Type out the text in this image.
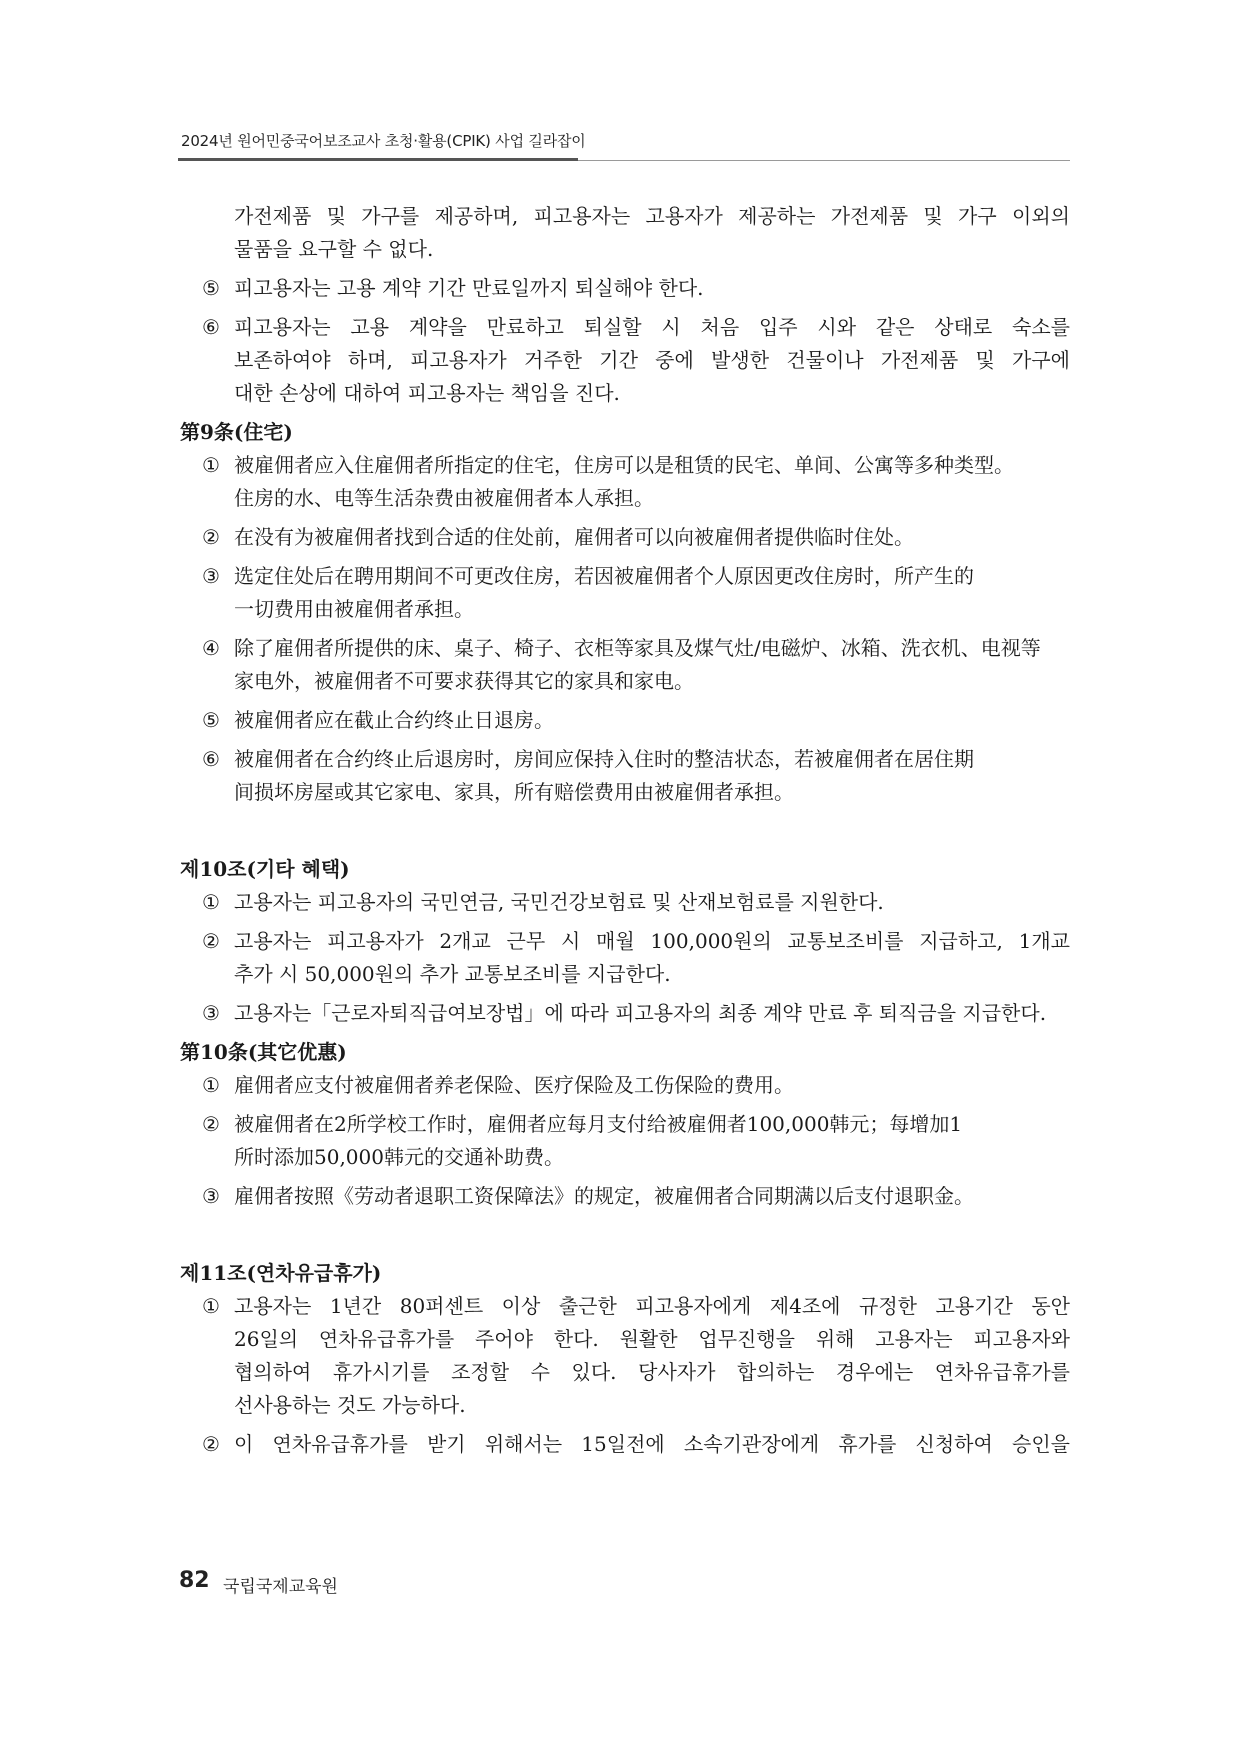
2024년 원어민중국어보조교사 초청·활용(CPIK) 사업 길라잡이
가전제품 및 가구를 제공하며, 피고용자는 고용자가 제공하는 가전제품 및 가구 이외의
물품을 요구할 수 없다.
⑤ 피고용자는 고용 계약 기간 만료일까지 퇴실해야 한다.
⑥ 피고용자는 고용 계약을 만료하고 퇴실할 시 처음 입주 시와 같은 상태로 숙소를
보존하여야 하며, 피고용자가 거주한 기간 중에 발생한 건물이나 가전제품 및 가구에
대한 손상에 대하여 피고용자는 책임을 진다.

第9条(住宅)

① 被雇佣者应入住雇佣者所指定的住宅，住房可以是租赁的民宅、单间、公寓等多种类型。
住房的水、电等生活杂费由被雇佣者本人承担。
② 在没有为被雇佣者找到合适的住处前，雇佣者可以向被雇佣者提供临时住处。
③ 选定住处后在聘用期间不可更改住房，若因被雇佣者个人原因更改住房时，所产生的
一切费用由被雇佣者承担。
④ 除了雇佣者所提供的床、桌子、椅子、衣柜等家具及煤气灶/电磁炉、冰箱、洗衣机、电视等
家电外，被雇佣者不可要求获得其它的家具和家电。
⑤ 被雇佣者应在截止合约终止日退房。
⑥ 被雇佣者在合约终止后退房时，房间应保持入住时的整洁状态，若被雇佣者在居住期
间损坏房屋或其它家电、家具，所有赔偿费用由被雇佣者承担。

제10조(기타 혜택)

① 고용자는 피고용자의 국민연금, 국민건강보험료 및 산재보험료를 지원한다.
② 고용자는 피고용자가 2개교 근무 시 매월 100,000원의 교통보조비를 지급하고, 1개교
추가 시 50,000원의 추가 교통보조비를 지급한다.
③ 고용자는「근로자퇴직급여보장법」에 따라 피고용자의 최종 계약 만료 후 퇴직금을 지급한다.

第10条(其它优惠)

① 雇佣者应支付被雇佣者养老保险、医疗保险及工伤保险的费用。
② 被雇佣者在2所学校工作时，雇佣者应每月支付给被雇佣者100,000韩元；每增加1
所时添加50,000韩元的交通补助费。
③ 雇佣者按照《劳动者退职工资保障法》的规定，被雇佣者合同期满以后支付退职金。

제11조(연차유급휴가)

① 고용자는 1년간 80퍼센트 이상 출근한 피고용자에게 제4조에 규정한 고용기간 동안
26일의 연차유급휴가를 주어야 한다. 원활한 업무진행을 위해 고용자는 피고용자와
협의하여 휴가시기를 조정할 수 있다. 당사자가 합의하는 경우에는 연차유급휴가를
선사용하는 것도 가능하다.
② 이 연차유급휴가를 받기 위해서는 15일전에 소속기관장에게 휴가를 신청하여 승인을
82 국립국제교육원
